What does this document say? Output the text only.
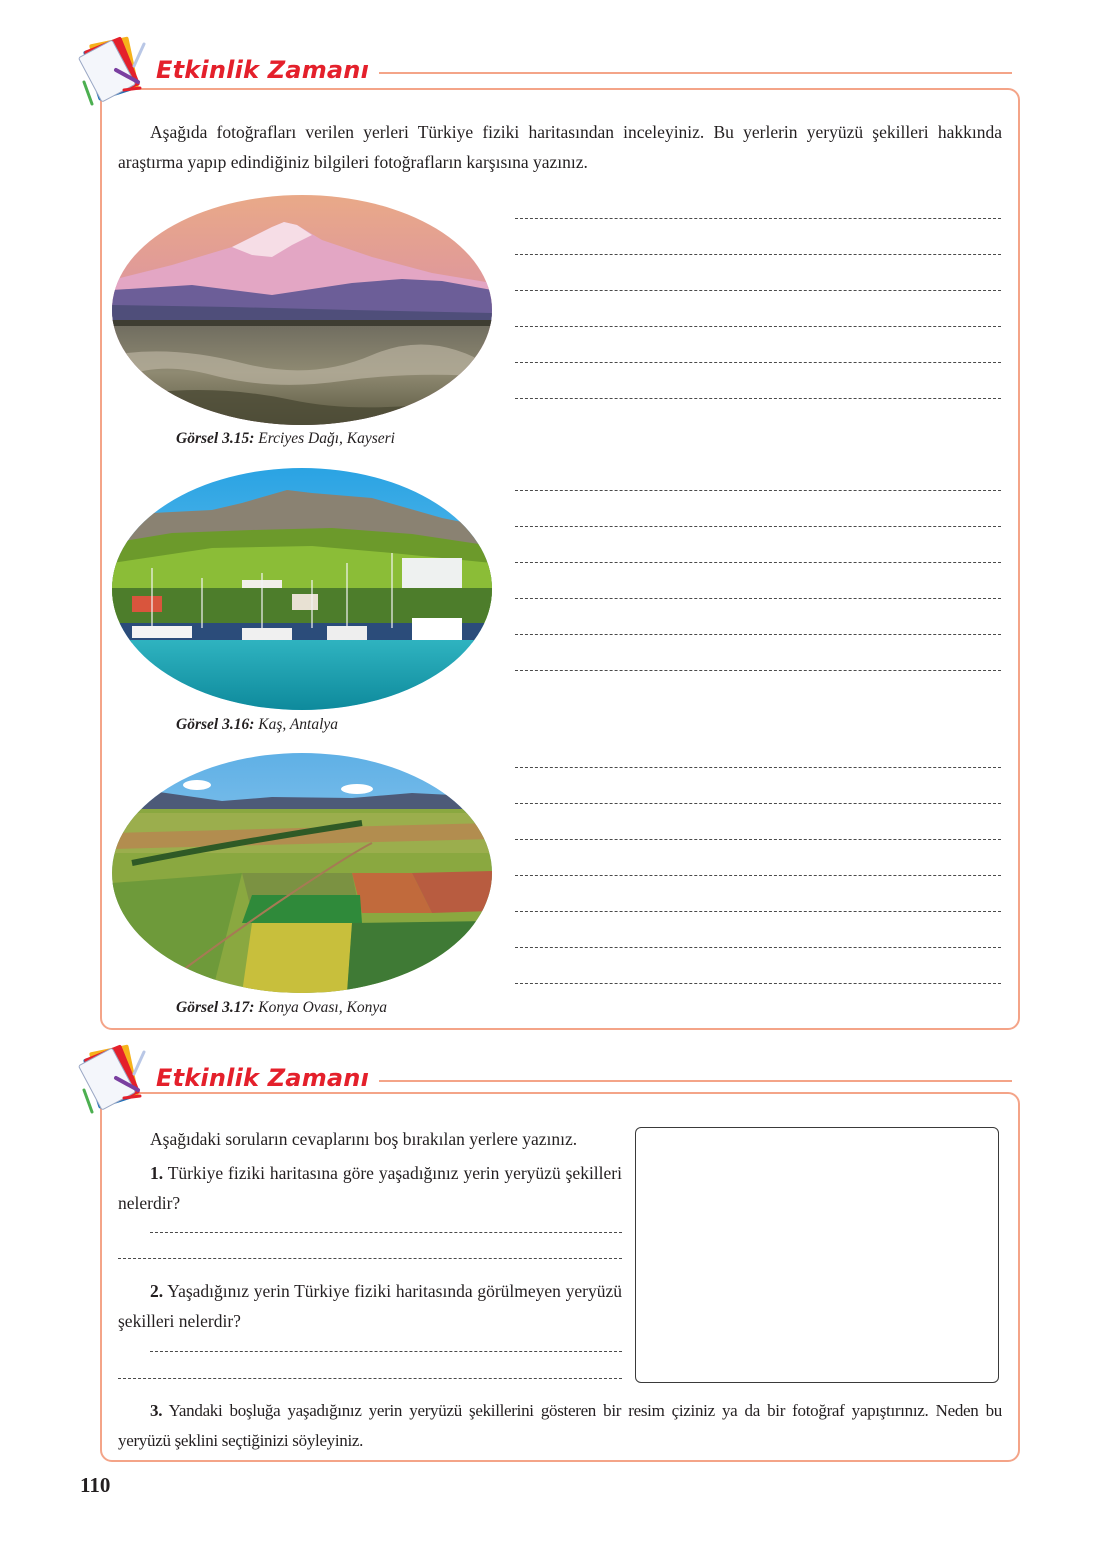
Etkinlik Zamanı

Aşağıda fotoğrafları verilen yerleri Türkiye fiziki haritasından inceleyiniz. Bu yerlerin yeryüzü şekilleri hakkında araştırma yapıp edindiğiniz bilgileri fotoğrafların karşısına yazınız.

Görsel 3.15: Erciyes Dağı, Kayseri
Görsel 3.16: Kaş, Antalya
Görsel 3.17: Konya Ovası, Konya
Etkinlik Zamanı

Aşağıdaki soruların cevaplarını boş bırakılan yerlere yazınız.

1. Türkiye fiziki haritasına göre yaşadığınız yerin yeryüzü şekilleri nelerdir?

2. Yaşadığınız yerin Türkiye fiziki haritasında görülmeyen yeryüzü şekilleri nelerdir?

3. Yandaki boşluğa yaşadığınız yerin yeryüzü şekillerini gösteren bir resim çiziniz ya da bir fotoğraf yapıştırınız. Neden bu yeryüzü şeklini seçtiğinizi söyleyiniz.

110
